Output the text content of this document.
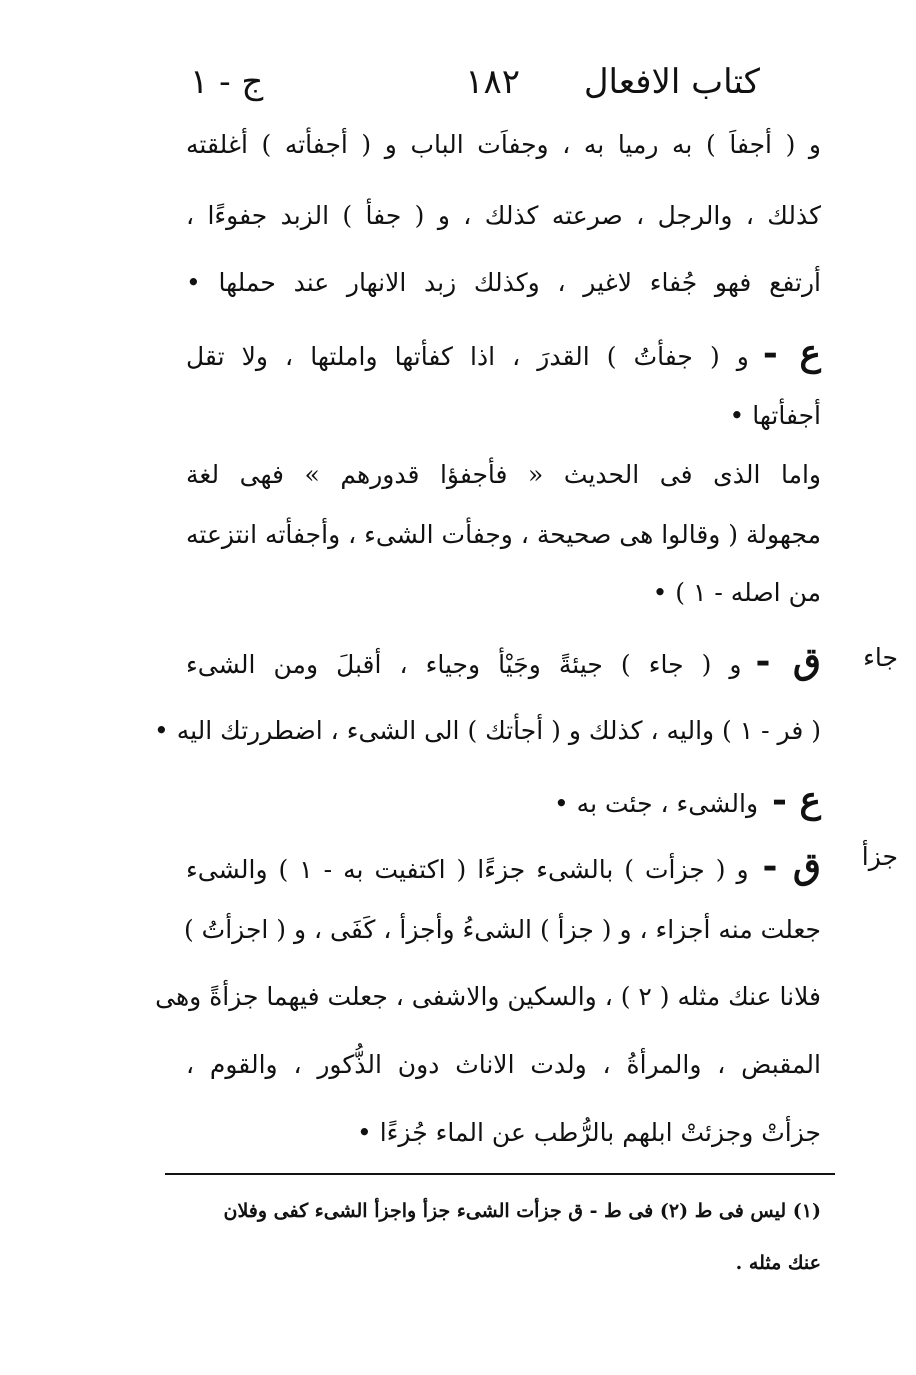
كتاب الافعال
١٨٢
ج - ١
و ( أجفاَ ) به رميا به ، وجفاَت الباب و ( أجفأته ) أغلقته
كذلك ، والرجل ، صرعته كذلك ، و ( جفأ ) الزبد جفوءًا ،
أرتفع فهو جُفاء لاغير ، وكذلك زبد الانهار عند حملها •
ع -و ( جفأتُ ) القدرَ ، اذا كفأتها واملتها ، ولا تقل
أجفأتها •
واما الذى فى الحديث « فأجفؤا قدورهم » فهى لغة
مجهولة ( وقالوا هى صحيحة ، وجفأت الشىء ، وأجفأته انتزعته
من اصله - ١ ) •
ق -و ( جاء ) جيئةً وجَيْأ وجياء ، أقبلَ ومن الشىء	جاء
( فر - ١ ) واليه ، كذلك و ( أجأتك ) الى الشىء ، اضطررتك اليه •
ع -والشىء ، جئت به •
ق -و ( جزأت ) بالشىء جزءًا ( اكتفيت به - ١ ) والشىء	جزأ
جعلت منه أجزاء ، و ( جزأ ) الشىءُ وأجزأ ، كَفَى ، و ( اجزأتُ )
فلانا عنك مثله ( ٢ ) ، والسكين والاشفى ، جعلت فيهما جزأةً وهى
المقبض ، والمرأةُ ، ولدت الاناث دون الذُّكور ، والقوم ،
جزأتْ وجزئتْ ابلهم بالرُّطب عن الماء جُزءًا •
(١) ليس فى ط (٢) فى ط - ق جزأت الشىء جزأ واجزأ الشىء كفى وفلان
عنك مثله .
